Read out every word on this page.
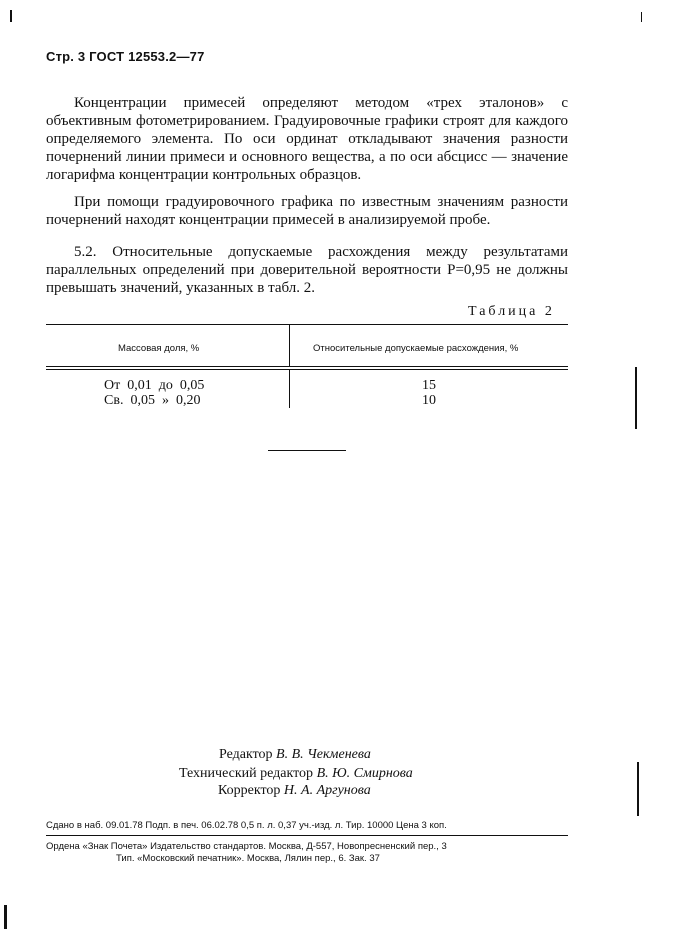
Стр. 3 ГОСТ 12553.2—77
Концентрации примесей определяют методом «трех эталонов» с объективным фотометрированием. Градуировочные графики строят для каждого определяемого элемента. По оси ординат откладывают значения разности почернений линии примеси и основного вещества, а по оси абсцисс — значение логарифма концентрации контрольных образцов.
При помощи градуировочного графика по известным значениям разности почернений находят концентрации примесей в анализируемой пробе.
5.2. Относительные допускаемые расхождения между результатами параллельных определений при доверительной вероятности P=0,95 не должны превышать значений, указанных в табл. 2.
Таблица 2
Массовая доля, %	Относительные допускаемые расхождения, %
От  0,01  до  0,05	15
Св.  0,05  »  0,20	10
Редактор В. В. Чекменева
Технический редактор В. Ю. Смирнова
Корректор Н. А. Аргунова
Сдано в наб. 09.01.78 Подп. в печ. 06.02.78 0,5 п. л. 0,37 уч.-изд. л. Тир. 10000 Цена 3 коп.
Ордена «Знак Почета» Издательство стандартов. Москва, Д-557, Новопресненский пер., 3
Тип. «Московский печатник». Москва, Лялин пер., 6. Зак. 37
